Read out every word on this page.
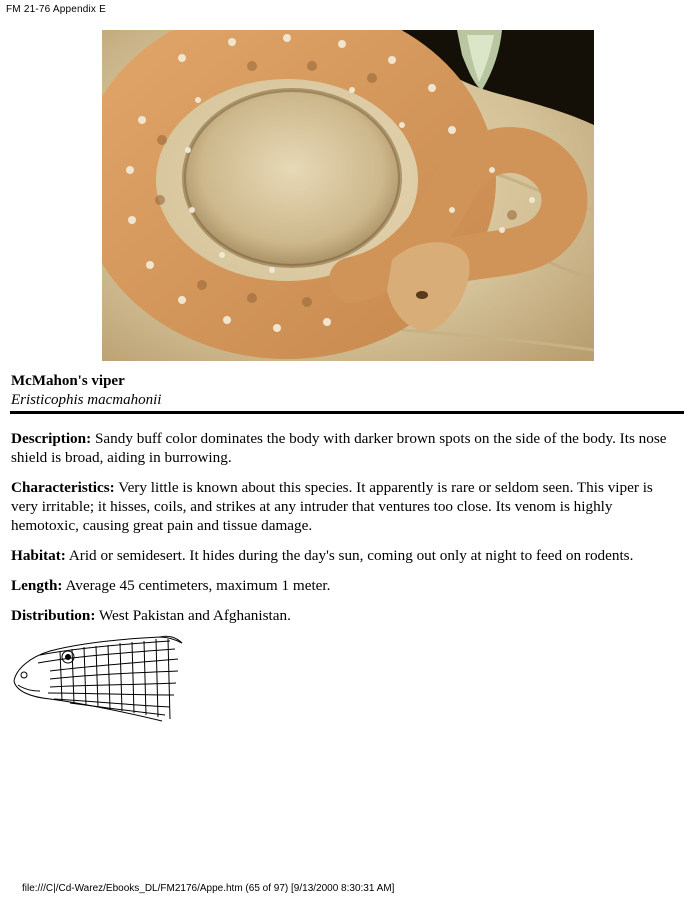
FM 21-76 Appendix E
McMahon's viper
Eristicophis macmahonii

Description: Sandy buff color dominates the body with darker brown spots on the side of the body. Its nose shield is broad, aiding in burrowing.

Characteristics: Very little is known about this species. It apparently is rare or seldom seen. This viper is very irritable; it hisses, coils, and strikes at any intruder that ventures too close. Its venom is highly hemotoxic, causing great pain and tissue damage.

Habitat: Arid or semidesert. It hides during the day's sun, coming out only at night to feed on rodents.

Length: Average 45 centimeters, maximum 1 meter.

Distribution: West Pakistan and Afghanistan.

file:///C|/Cd-Warez/Ebooks_DL/FM2176/Appe.htm (65 of 97) [9/13/2000 8:30:31 AM]
